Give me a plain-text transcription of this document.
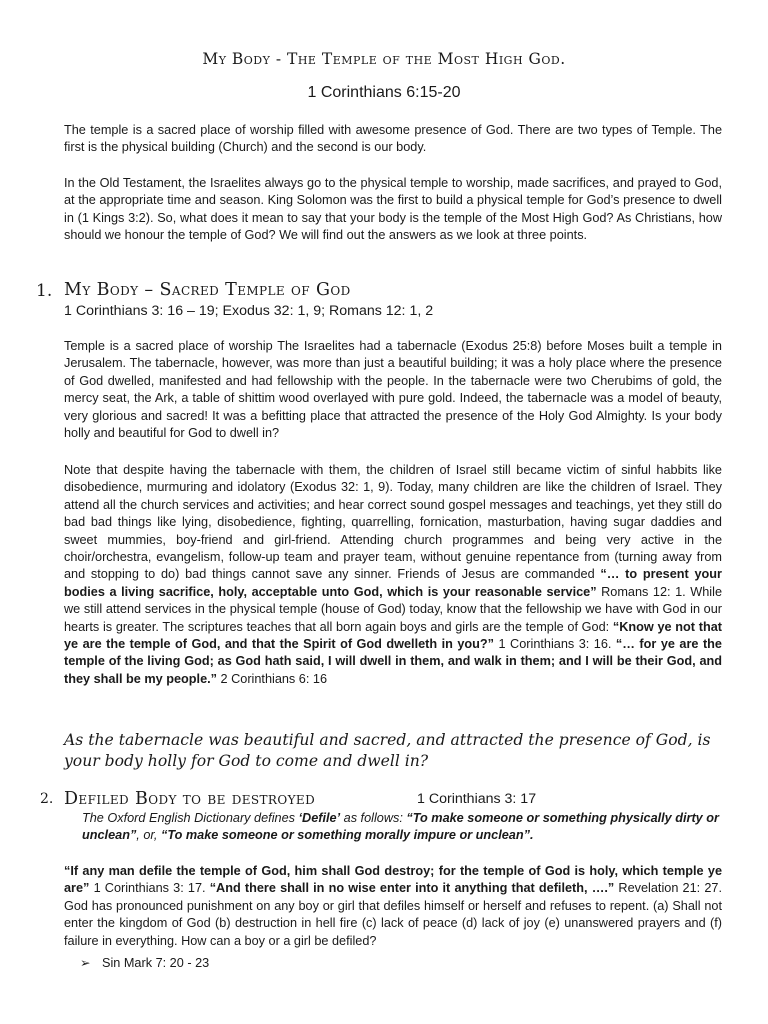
My Body - The Temple of the Most High God.
1 Corinthians 6:15-20

The temple is a sacred place of worship filled with awesome presence of God. There are two types of Temple. The first is the physical building (Church) and the second is our body.

In the Old Testament, the Israelites always go to the physical temple to worship, made sacrifices, and prayed to God, at the appropriate time and season. King Solomon was the first to build a physical temple for God’s presence to dwell in (1 Kings 3:2). So, what does it mean to say that your body is the temple of the Most High God? As Christians, how should we honour the temple of God? We will find out the answers as we look at three points.

1. My Body – Sacred Temple of God
1 Corinthians 3: 16 – 19; Exodus 32: 1, 9; Romans 12: 1, 2

Temple is a sacred place of worship The Israelites had a tabernacle (Exodus 25:8) before Moses built a temple in Jerusalem. The tabernacle, however, was more than just a beautiful building; it was a holy place where the presence of God dwelled, manifested and had fellowship with the people. In the tabernacle were two Cherubims of gold, the mercy seat, the Ark, a table of shittim wood overlayed with pure gold. Indeed, the tabernacle was a model of beauty, very glorious and sacred! It was a befitting place that attracted the presence of the Holy God Almighty. Is your body holly and beautiful for God to dwell in?

Note that despite having the tabernacle with them, the children of Israel still became victim of sinful habbits like disobedience, murmuring and idolatory (Exodus 32: 1, 9). Today, many children are like the children of Israel. They attend all the church services and activities; and hear correct sound gospel messages and teachings, yet they still do bad bad things like lying, disobedience, fighting, quarrelling, fornication, masturbation, having sugar daddies and sweet mummies, boy-friend and girl-friend. Attending church programmes and being very active in the choir/orchestra, evangelism, follow-up team and prayer team, without genuine repentance from (turning away from and stopping to do) bad things cannot save any sinner. Friends of Jesus are commanded “… to present your bodies a living sacrifice, holy, acceptable unto God, which is your reasonable service” Romans 12: 1. While we still attend services in the physical temple (house of God) today, know that the fellowship we have with God in our hearts is greater. The scriptures teaches that all born again boys and girls are the temple of God: “Know ye not that ye are the temple of God, and that the Spirit of God dwelleth in you?” 1 Corinthians 3: 16. “… for ye are the temple of the living God; as God hath said, I will dwell in them, and walk in them; and I will be their God, and they shall be my people.” 2 Corinthians 6: 16

As the tabernacle was beautiful and sacred, and attracted the presence of God, is your body holly for God to come and dwell in?

2. Defiled Body to be destroyed	1 Corinthians 3: 17

The Oxford English Dictionary defines ‘Defile’ as follows: “To make someone or something physically dirty or unclean”, or, “To make someone or something morally impure or unclean”.

“If any man defile the temple of God, him shall God destroy; for the temple of God is holy, which temple ye are” 1 Corinthians 3: 17. “And there shall in no wise enter into it anything that defileth, ….” Revelation 21: 27. God has pronounced punishment on any boy or girl that defiles himself or herself and refuses to repent. (a) Shall not enter the kingdom of God (b) destruction in hell fire (c) lack of peace (d) lack of joy (e) unanswered prayers and (f) failure in everything. How can a boy or a girl be defiled?

➢ Sin Mark 7: 20 - 23
